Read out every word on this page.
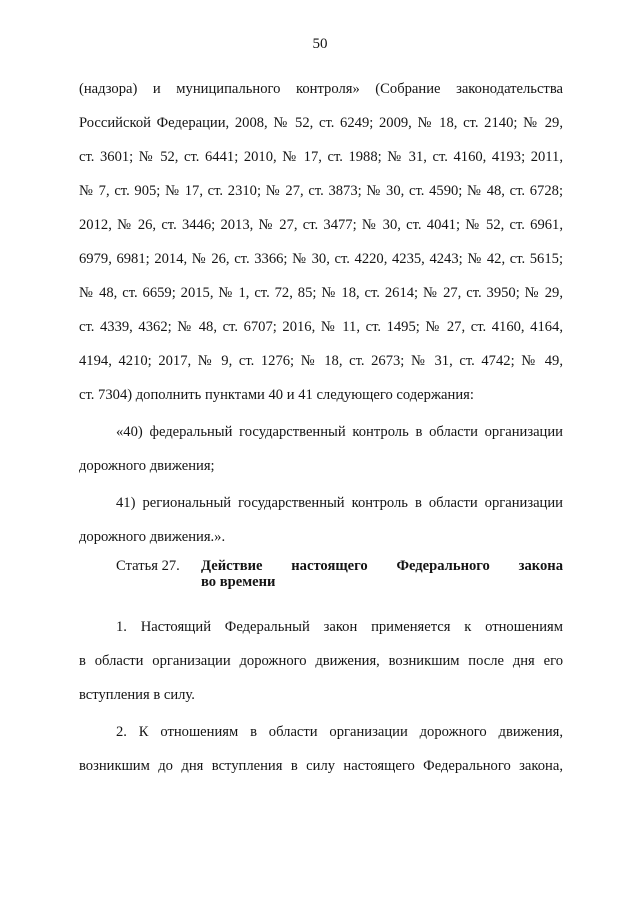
50
(надзора) и муниципального контроля» (Собрание законодательства
Российской Федерации, 2008, № 52, ст. 6249; 2009, № 18, ст. 2140; № 29,
ст. 3601; № 52, ст. 6441; 2010, № 17, ст. 1988; № 31, ст. 4160, 4193; 2011,
№ 7, ст. 905; № 17, ст. 2310; № 27, ст. 3873; № 30, ст. 4590; № 48, ст. 6728;
2012, № 26, ст. 3446; 2013, № 27, ст. 3477; № 30, ст. 4041; № 52, ст. 6961,
6979, 6981; 2014, № 26, ст. 3366; № 30, ст. 4220, 4235, 4243; № 42, ст. 5615;
№ 48, ст. 6659; 2015, № 1, ст. 72, 85; № 18, ст. 2614; № 27, ст. 3950; № 29,
ст. 4339, 4362; № 48, ст. 6707; 2016, № 11, ст. 1495; № 27, ст. 4160, 4164,
4194, 4210; 2017, № 9, ст. 1276; № 18, ст. 2673; № 31, ст. 4742; № 49,
ст. 7304) дополнить пунктами 40 и 41 следующего содержания:
«40) федеральный государственный контроль в области организации
дорожного движения;
41) региональный государственный контроль в области организации
дорожного движения.».
Статья 27.	Действие настоящего Федерального закона
во времени
1. Настоящий Федеральный закон применяется к отношениям
в области организации дорожного движения, возникшим после дня его
вступления в силу.
2. К отношениям в области организации дорожного движения,
возникшим до дня вступления в силу настоящего Федерального закона,
